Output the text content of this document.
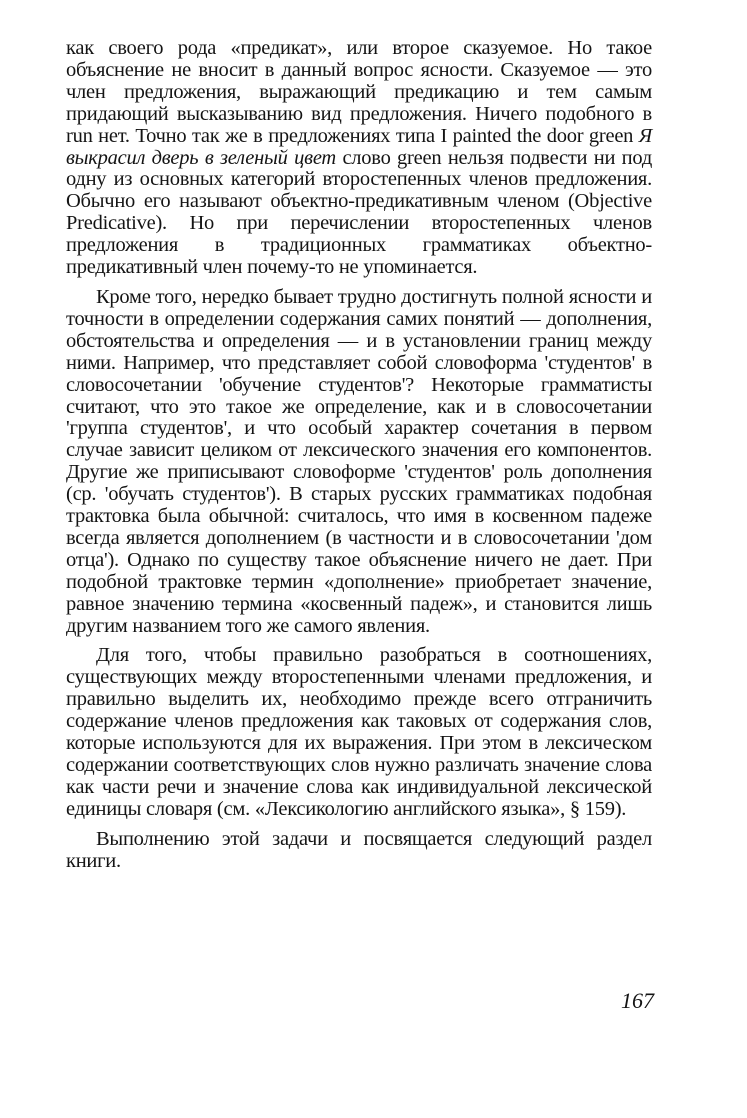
как своего рода «предикат», или второе сказуемое. Но такое объяснение не вносит в данный вопрос ясности. Сказуемое — это член предложения, выражающий предикацию и тем самым придающий высказыванию вид предложения. Ничего подобного в run нет. Точно так же в предложениях типа I painted the door green Я выкрасил дверь в зеленый цвет слово green нельзя подвести ни под одну из основных категорий второстепенных членов предложения. Обычно его называют объектно-предикативным членом (Objective Predicative). Но при перечислении второстепенных членов предложения в традиционных грамматиках объектно-предикативный член почему-то не упоминается.

Кроме того, нередко бывает трудно достигнуть полной ясности и точности в определении содержания самих понятий — дополнения, обстоятельства и определения — и в установлении границ между ними. Например, что представляет собой словоформа 'студентов' в словосочетании 'обучение студентов'? Некоторые грамматисты считают, что это такое же определение, как и в словосочетании 'группа студентов', и что особый характер сочетания в первом случае зависит целиком от лексического значения его компонентов. Другие же приписывают словоформе 'студентов' роль дополнения (ср. 'обучать студентов'). В старых русских грамматиках подобная трактовка была обычной: считалось, что имя в косвенном падеже всегда является дополнением (в частности и в словосочетании 'дом отца'). Однако по существу такое объяснение ничего не дает. При подобной трактовке термин «дополнение» приобретает значение, равное значению термина «косвенный падеж», и становится лишь другим названием того же самого явления.

Для того, чтобы правильно разобраться в соотношениях, существующих между второстепенными членами предложения, и правильно выделить их, необходимо прежде всего отграничить содержание членов предложения как таковых от содержания слов, которые используются для их выражения. При этом в лексическом содержании соответствующих слов нужно различать значение слова как части речи и значение слова как индивидуальной лексической единицы словаря (см. «Лексикологию английского языка», § 159).

Выполнению этой задачи и посвящается следующий раздел книги.

167
